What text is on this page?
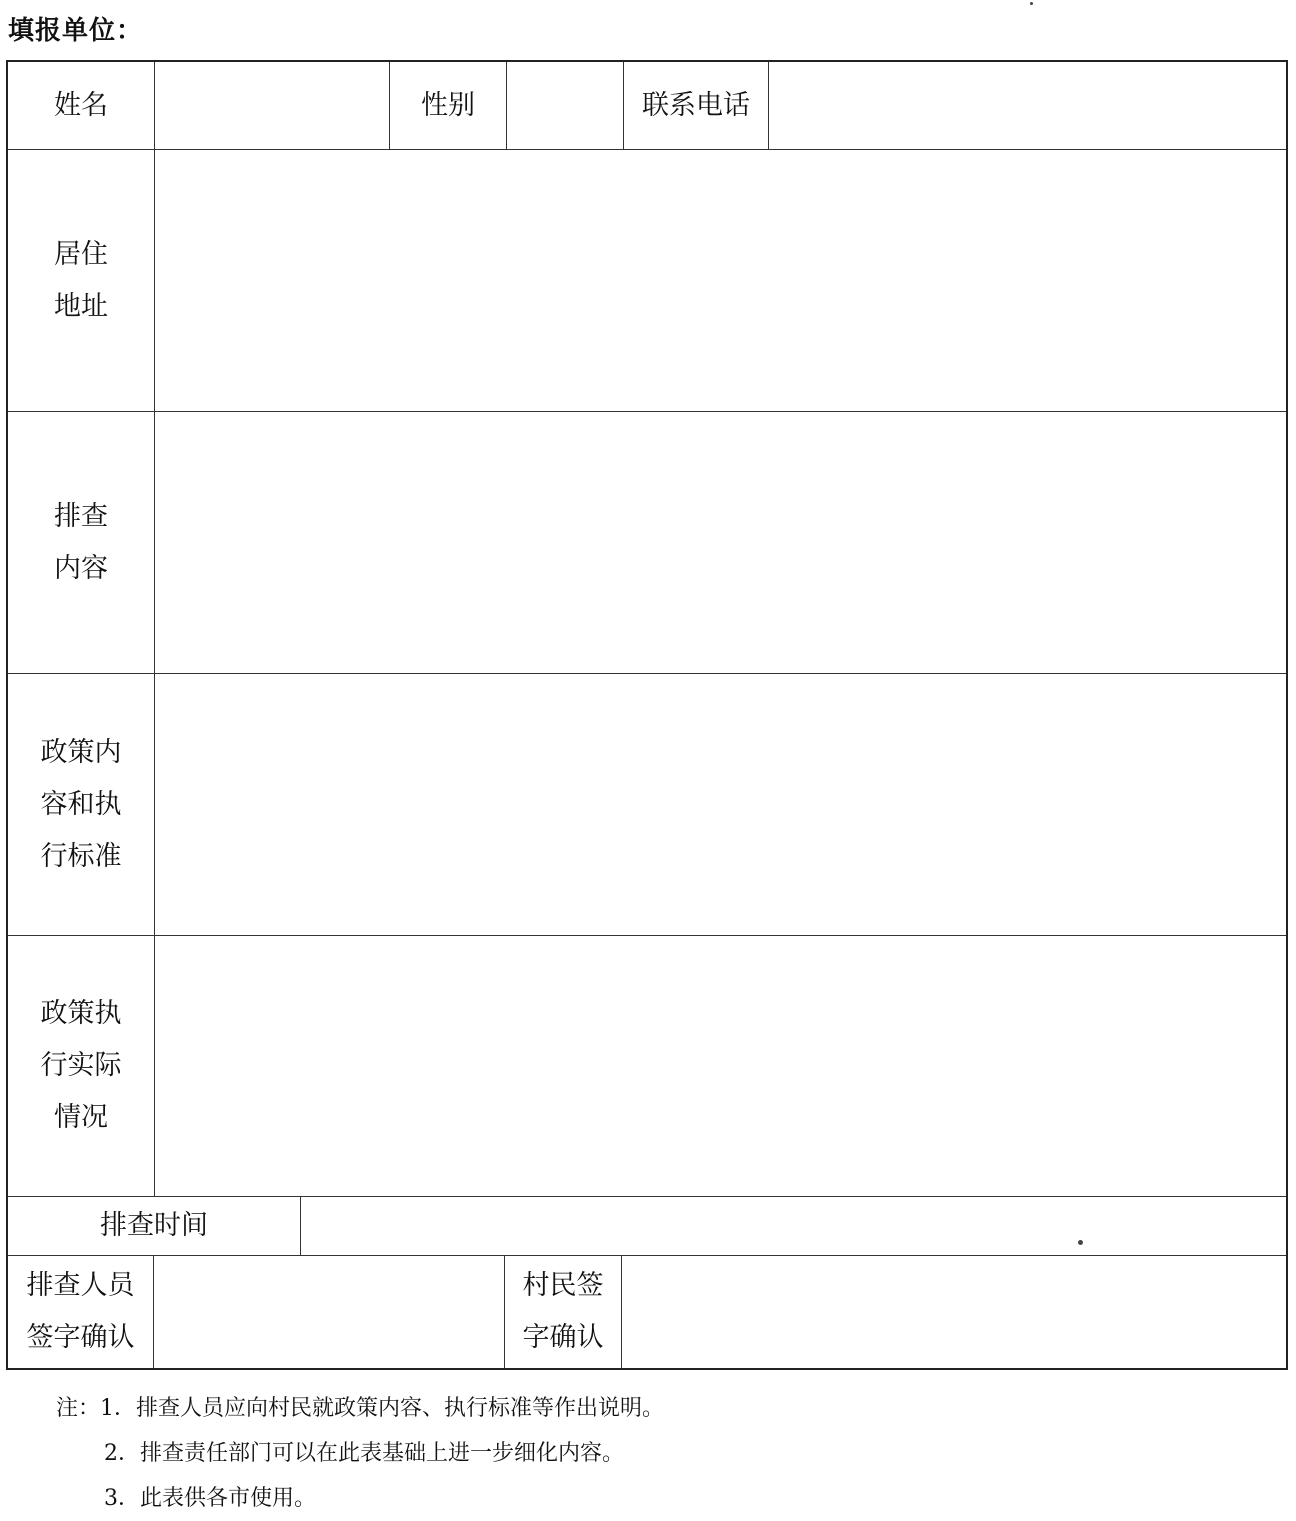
填报单位：
姓名	性别	联系电话
居住
地址
排查
内容
政策内
容和执
行标准
政策执
行实际
情况
排查时间
排查人员
签字确认
村民签
字确认
注：1．排查人员应向村民就政策内容、执行标准等作出说明。
2．排查责任部门可以在此表基础上进一步细化内容。
3．此表供各市使用。
